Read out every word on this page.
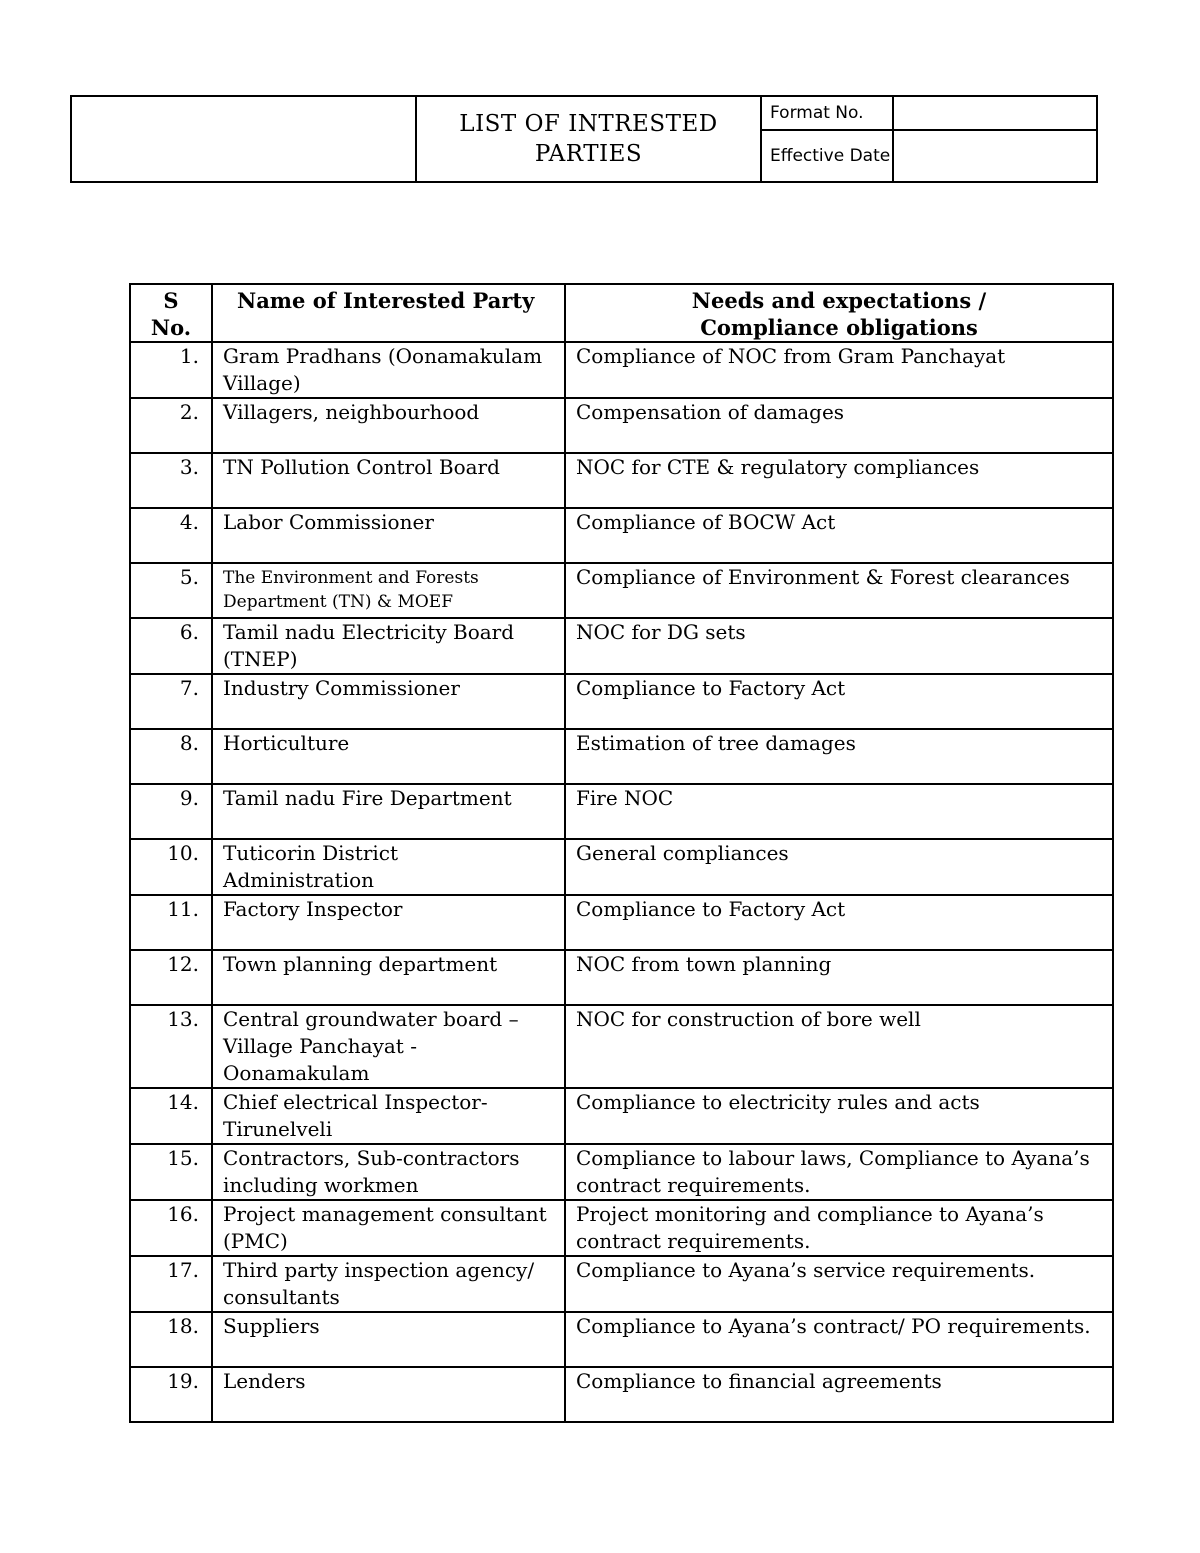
	LIST OF INTRESTED PARTIES	Format No.	
		Effective Date	
S No.	Name of Interested Party	Needs and expectations /
Compliance obligations

1.	Gram Pradhans (Oonamakulam Village)	Compliance of NOC from Gram Panchayat
2.	Villagers, neighbourhood	Compensation of damages
3.	TN Pollution Control Board	NOC for CTE & regulatory compliances
4.	Labor Commissioner	Compliance of BOCW Act
5.	The Environment and Forests Department (TN) & MOEF	Compliance of Environment & Forest clearances
6.	Tamil nadu Electricity Board (TNEP)	NOC for DG sets
7.	Industry Commissioner	Compliance to Factory Act
8.	Horticulture	Estimation of tree damages
9.	Tamil nadu Fire Department	Fire NOC
10.	Tuticorin District Administration	General compliances
11.	Factory Inspector	Compliance to Factory Act
12.	Town planning department	NOC from town planning
13.	Central groundwater board – Village Panchayat -Oonamakulam	NOC for construction of bore well
14.	Chief electrical Inspector- Tirunelveli	Compliance to electricity rules and acts
15.	Contractors, Sub-contractors including workmen	Compliance to labour laws, Compliance to Ayana’s contract requirements.
16.	Project management consultant (PMC)	Project monitoring and compliance to Ayana’s contract requirements.
17.	Third party inspection agency/ consultants	Compliance to Ayana’s service requirements.
18.	Suppliers	Compliance to Ayana’s contract/ PO requirements.
19.	Lenders	Compliance to financial agreements
